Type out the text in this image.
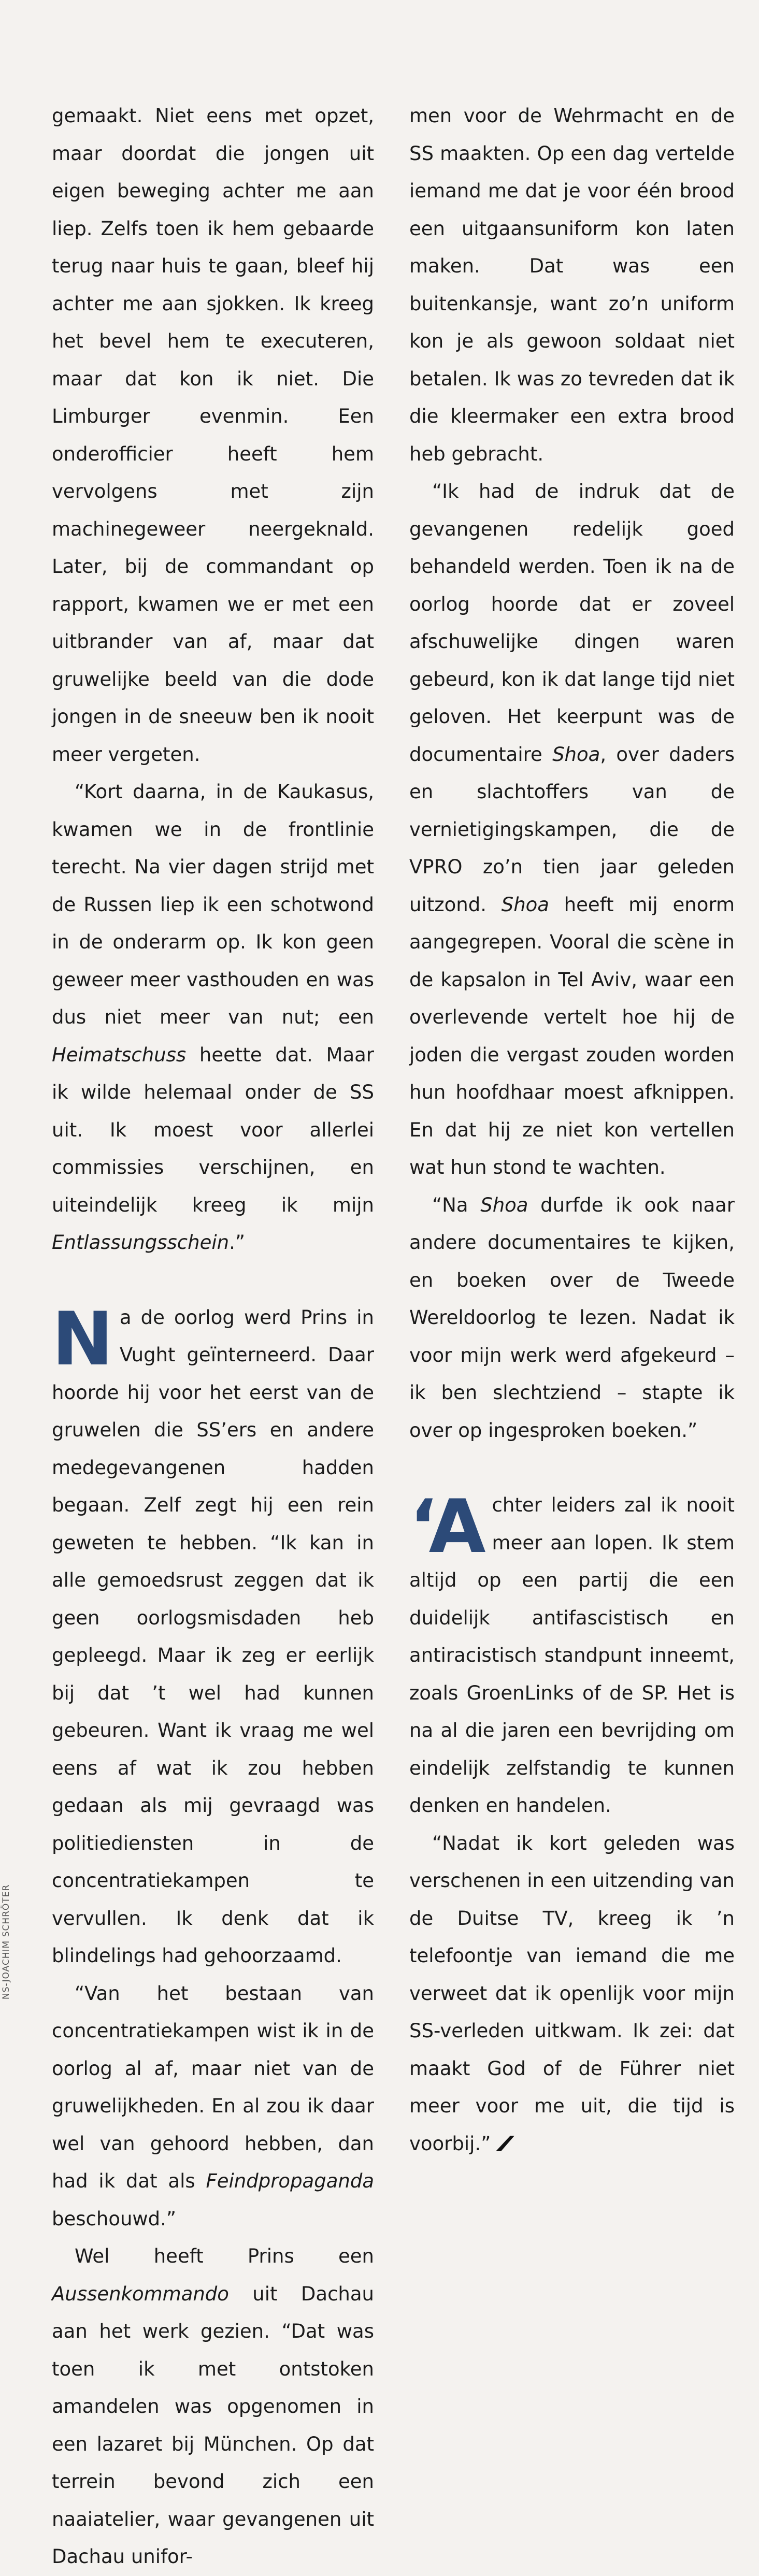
gemaakt. Niet eens met opzet, maar doordat die jongen uit eigen beweging achter me aan liep. Zelfs toen ik hem gebaarde terug naar huis te gaan, bleef hij achter me aan sjokken. Ik kreeg het bevel hem te executeren, maar dat kon ik niet. Die Limburger evenmin. Een onderofficier heeft hem vervolgens met zijn machinegeweer neergeknald. Later, bij de commandant op rapport, kwamen we er met een uitbrander van af, maar dat gruwelijke beeld van die dode jongen in de sneeuw ben ik nooit meer vergeten.

“Kort daarna, in de Kaukasus, kwamen we in de frontlinie terecht. Na vier dagen strijd met de Russen liep ik een schotwond in de onderarm op. Ik kon geen geweer meer vasthouden en was dus niet meer van nut; een Heimatschuss heette dat. Maar ik wilde helemaal onder de SS uit. Ik moest voor allerlei commissies verschijnen, en uiteindelijk kreeg ik mijn Entlassungsschein.”

Na de oorlog werd Prins in Vught geïnterneerd. Daar hoorde hij voor het eerst van de gruwelen die SS’ers en andere medegevangenen hadden begaan. Zelf zegt hij een rein geweten te hebben. “Ik kan in alle gemoedsrust zeggen dat ik geen oorlogsmisdaden heb gepleegd. Maar ik zeg er eerlijk bij dat ’t wel had kunnen gebeuren. Want ik vraag me wel eens af wat ik zou hebben gedaan als mij gevraagd was politiediensten in de concentratiekampen te vervullen. Ik denk dat ik blindelings had gehoorzaamd.

“Van het bestaan van concentratiekampen wist ik in de oorlog al af, maar niet van de gruwelijkheden. En al zou ik daar wel van gehoord hebben, dan had ik dat als Feindpropaganda beschouwd.”

Wel heeft Prins een Aussenkommando uit Dachau aan het werk gezien. “Dat was toen ik met ontstoken amandelen was opgenomen in een lazaret bij München. Op dat terrein bevond zich een naaiatelier, waar gevangenen uit Dachau unifor-

men voor de Wehrmacht en de SS maakten. Op een dag vertelde iemand me dat je voor één brood een uitgaansuniform kon laten maken. Dat was een buitenkansje, want zo’n uniform kon je als gewoon soldaat niet betalen. Ik was zo tevreden dat ik die kleermaker een extra brood heb gebracht.

“Ik had de indruk dat de gevangenen redelijk goed behandeld werden. Toen ik na de oorlog hoorde dat er zoveel afschuwelijke dingen waren gebeurd, kon ik dat lange tijd niet geloven. Het keerpunt was de documentaire Shoa, over daders en slachtoffers van de vernietigingskampen, die de VPRO zo’n tien jaar geleden uitzond. Shoa heeft mij enorm aangegrepen. Vooral die scène in de kapsalon in Tel Aviv, waar een overlevende vertelt hoe hij de joden die vergast zouden worden hun hoofdhaar moest afknippen. En dat hij ze niet kon vertellen wat hun stond te wachten.

“Na Shoa durfde ik ook naar andere documentaires te kijken, en boeken over de Tweede Wereldoorlog te lezen. Nadat ik voor mijn werk werd afgekeurd – ik ben slechtziend – stapte ik over op ingesproken boeken.”

‘Achter leiders zal ik nooit meer aan lopen. Ik stem altijd op een partij die een duidelijk antifascistisch en antiracistisch standpunt inneemt, zoals GroenLinks of de SP. Het is na al die jaren een bevrijding om eindelijk zelfstandig te kunnen denken en handelen.

“Nadat ik kort geleden was verschenen in een uitzending van de Duitse TV, kreeg ik ’n telefoontje van iemand die me verweet dat ik openlijk voor mijn SS-verleden uitkwam. Ik zei: dat maakt God of de Führer niet meer voor me uit, die tijd is voorbij.”

NS-JOACHIM SCHRÖTER
